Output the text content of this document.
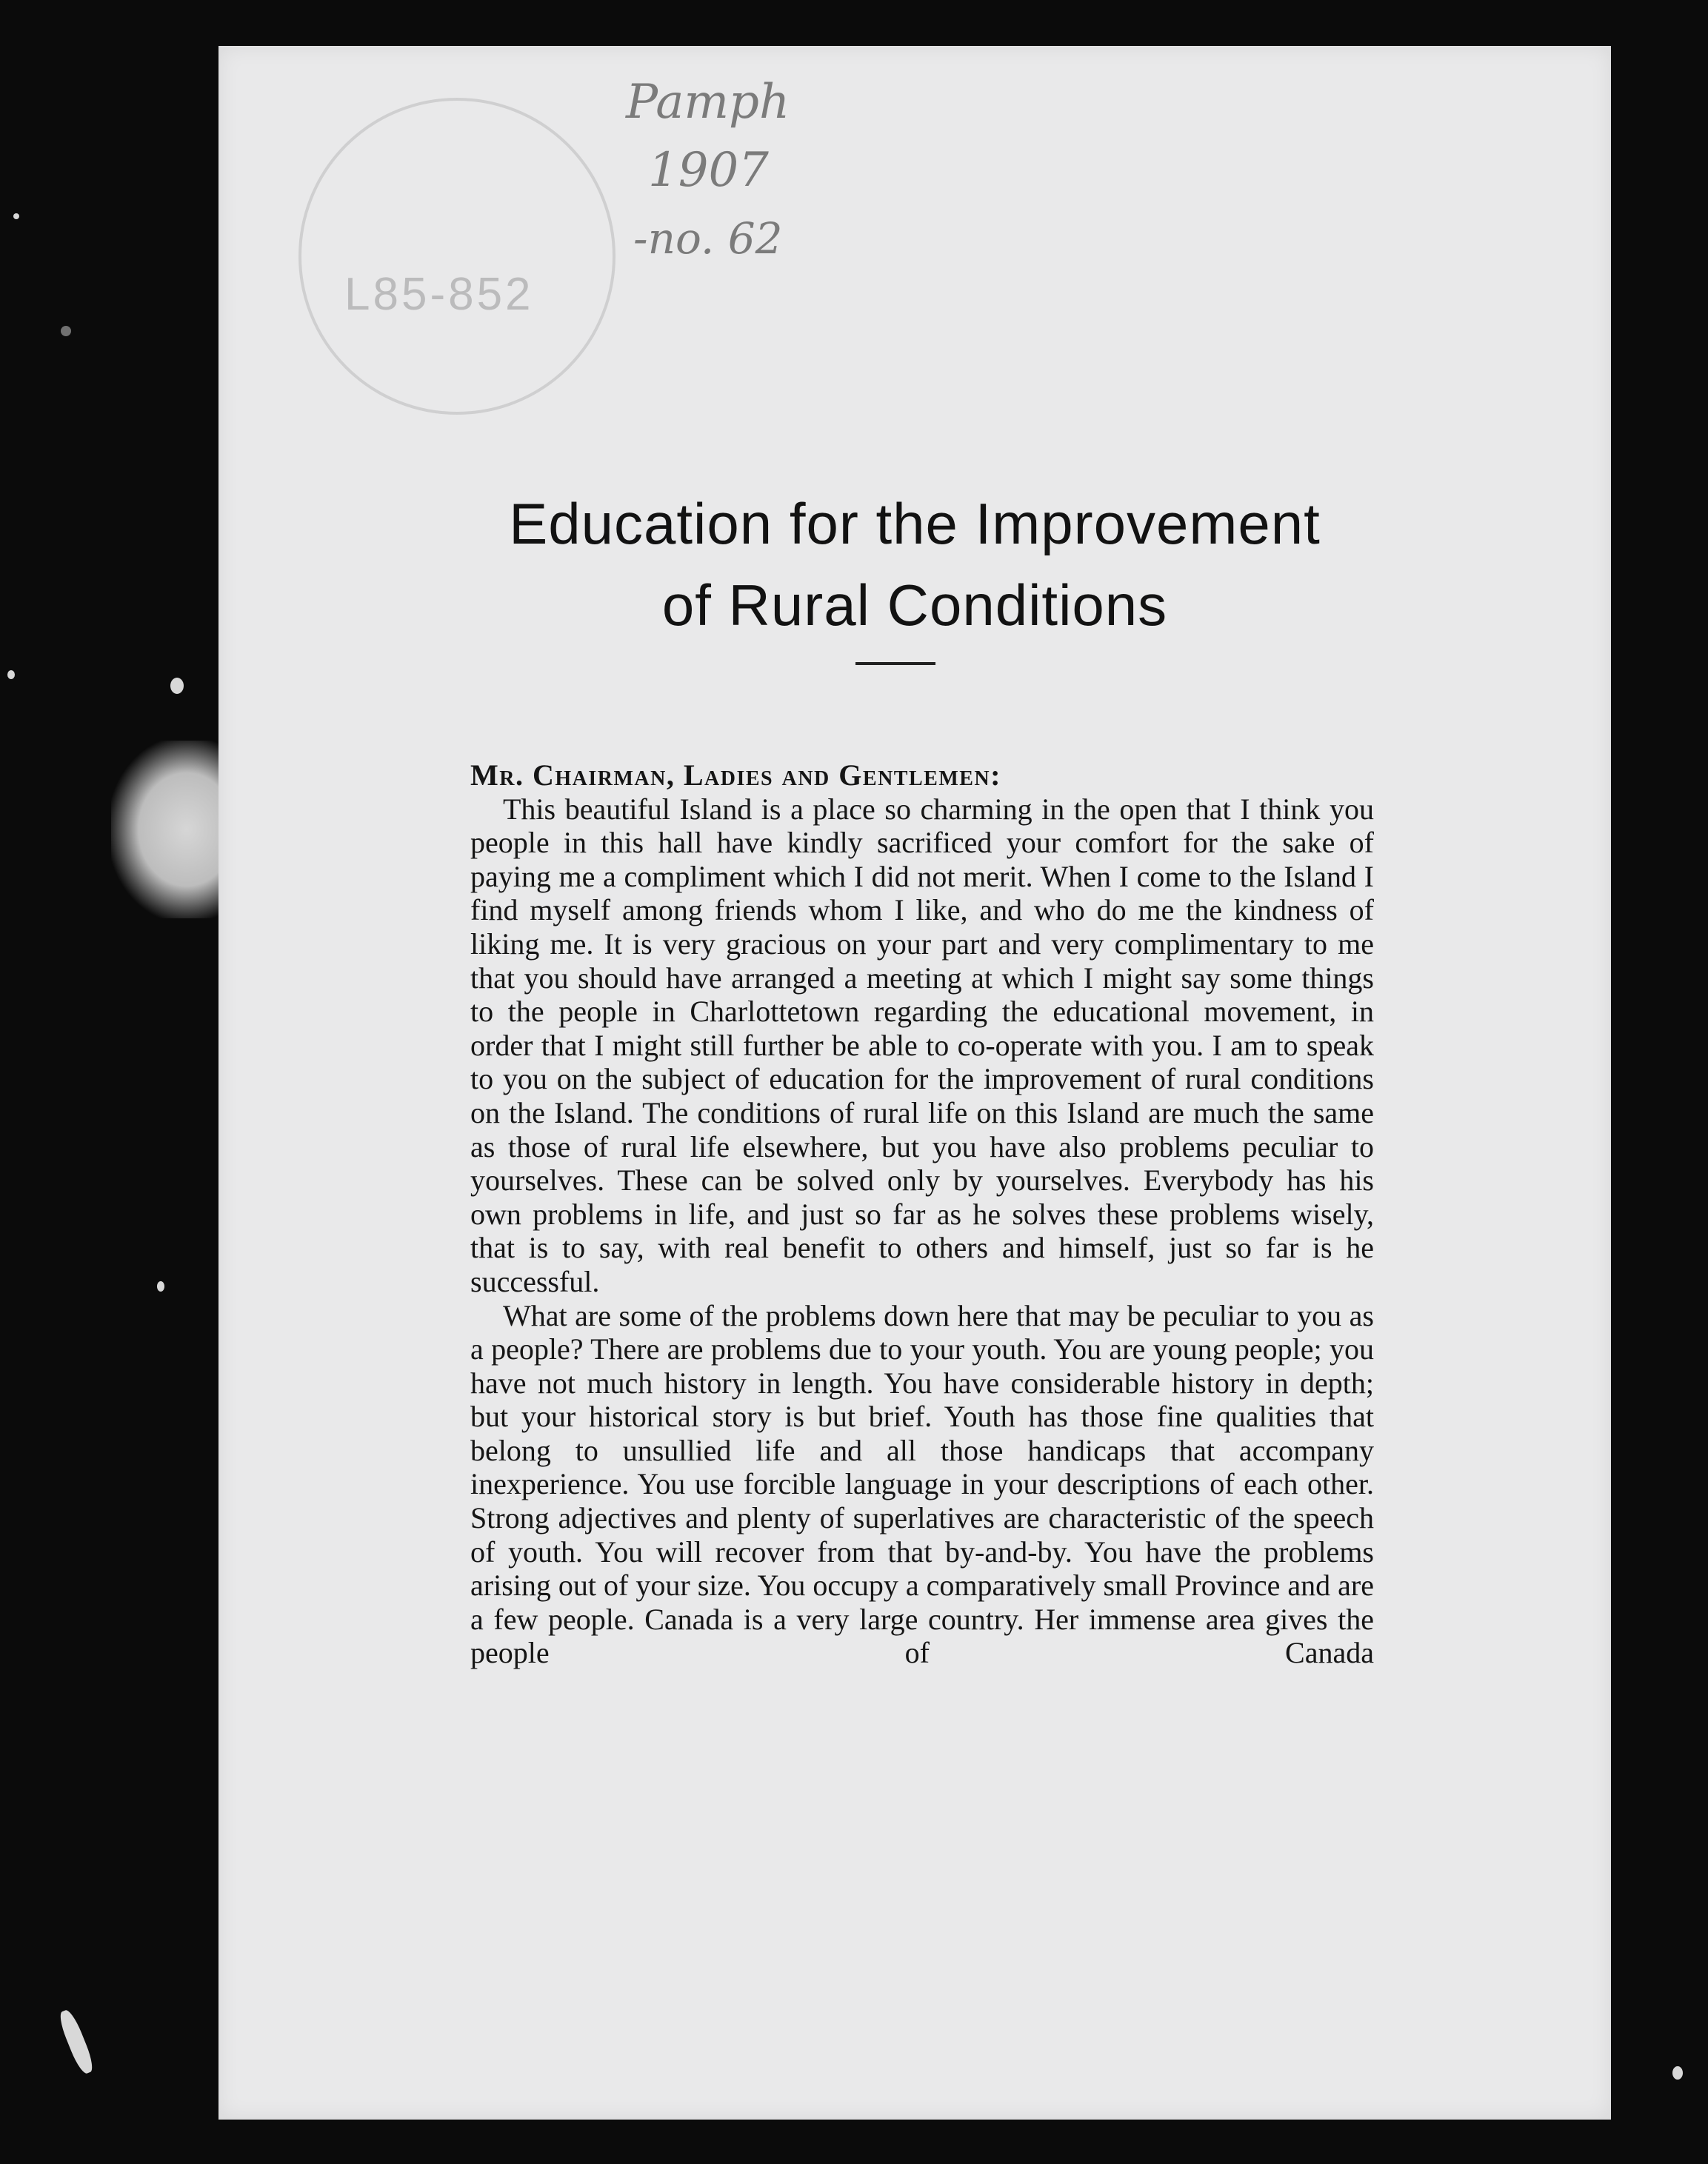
L85-852
Pamph
1907
-no. 62
Education for the Improvement
of Rural Conditions
Mr. Chairman, Ladies and Gentlemen:

This beautiful Island is a place so charming in the open that I think you people in this hall have kindly sacrificed your comfort for the sake of paying me a compliment which I did not merit. When I come to the Island I find myself among friends whom I like, and who do me the kindness of liking me. It is very gracious on your part and very complimentary to me that you should have arranged a meeting at which I might say some things to the people in Charlottetown regarding the educational movement, in order that I might still further be able to co-operate with you. I am to speak to you on the subject of education for the improvement of rural conditions on the Island. The conditions of rural life on this Island are much the same as those of rural life elsewhere, but you have also problems peculiar to yourselves. These can be solved only by yourselves. Everybody has his own problems in life, and just so far as he solves these problems wisely, that is to say, with real benefit to others and himself, just so far is he successful.

What are some of the problems down here that may be peculiar to you as a people? There are problems due to your youth. You are young people; you have not much history in length. You have considerable history in depth; but your historical story is but brief. Youth has those fine qualities that belong to unsullied life and all those handicaps that accompany inexperience. You use forcible language in your descriptions of each other. Strong adjectives and plenty of superlatives are characteristic of the speech of youth. You will recover from that by-and-by. You have the problems arising out of your size. You occupy a comparatively small Province and are a few people. Canada is a very large country. Her immense area gives the people of Canada
